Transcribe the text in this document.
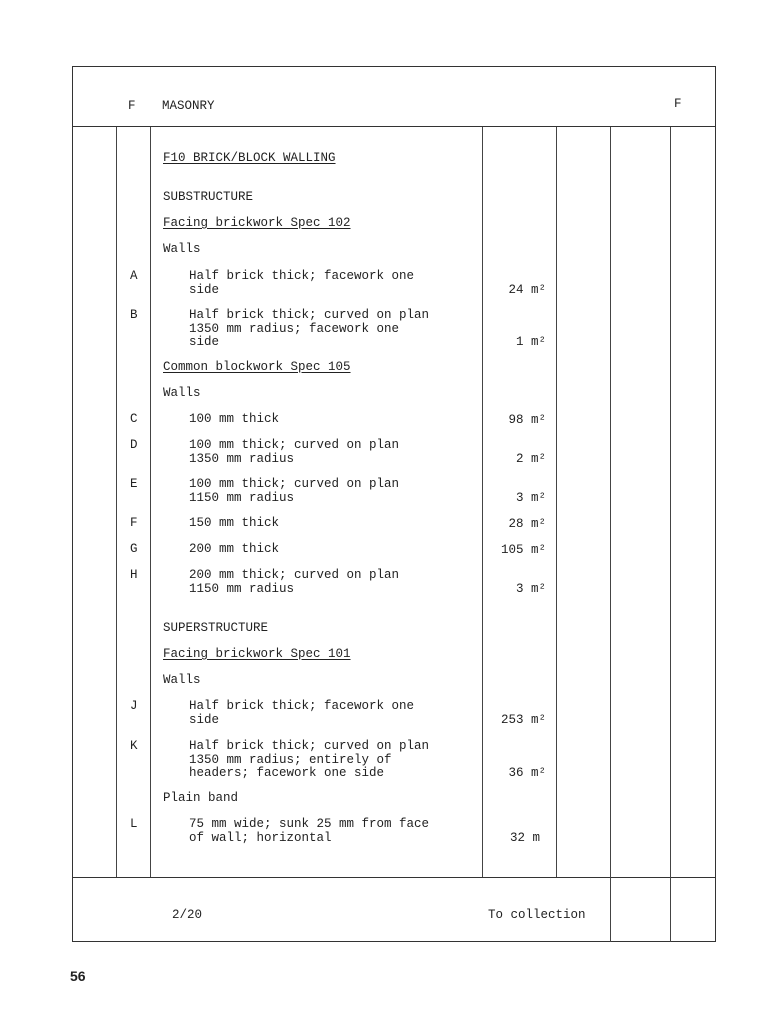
F MASONRY	F
F10 BRICK/BLOCK WALLING
SUBSTRUCTURE
Facing brickwork Spec 102
Walls
A	Half brick thick; facework one
side	24 m²
B	Half brick thick; curved on plan
1350 mm radius; facework one
side	1 m²
Common blockwork Spec 105
Walls
C	100 mm thick	98 m²
D	100 mm thick; curved on plan
1350 mm radius	2 m²
E	100 mm thick; curved on plan
1150 mm radius	3 m²
F	150 mm thick	28 m²
G	200 mm thick	105 m²
H	200 mm thick; curved on plan
1150 mm radius	3 m²
SUPERSTRUCTURE
Facing brickwork Spec 101
Walls
J	Half brick thick; facework one
side	253 m²
K	Half brick thick; curved on plan
1350 mm radius; entirely of
headers; facework one side	36 m²
Plain band
L	75 mm wide; sunk 25 mm from face
of wall; horizontal	32 m
2/20	To collection
56
